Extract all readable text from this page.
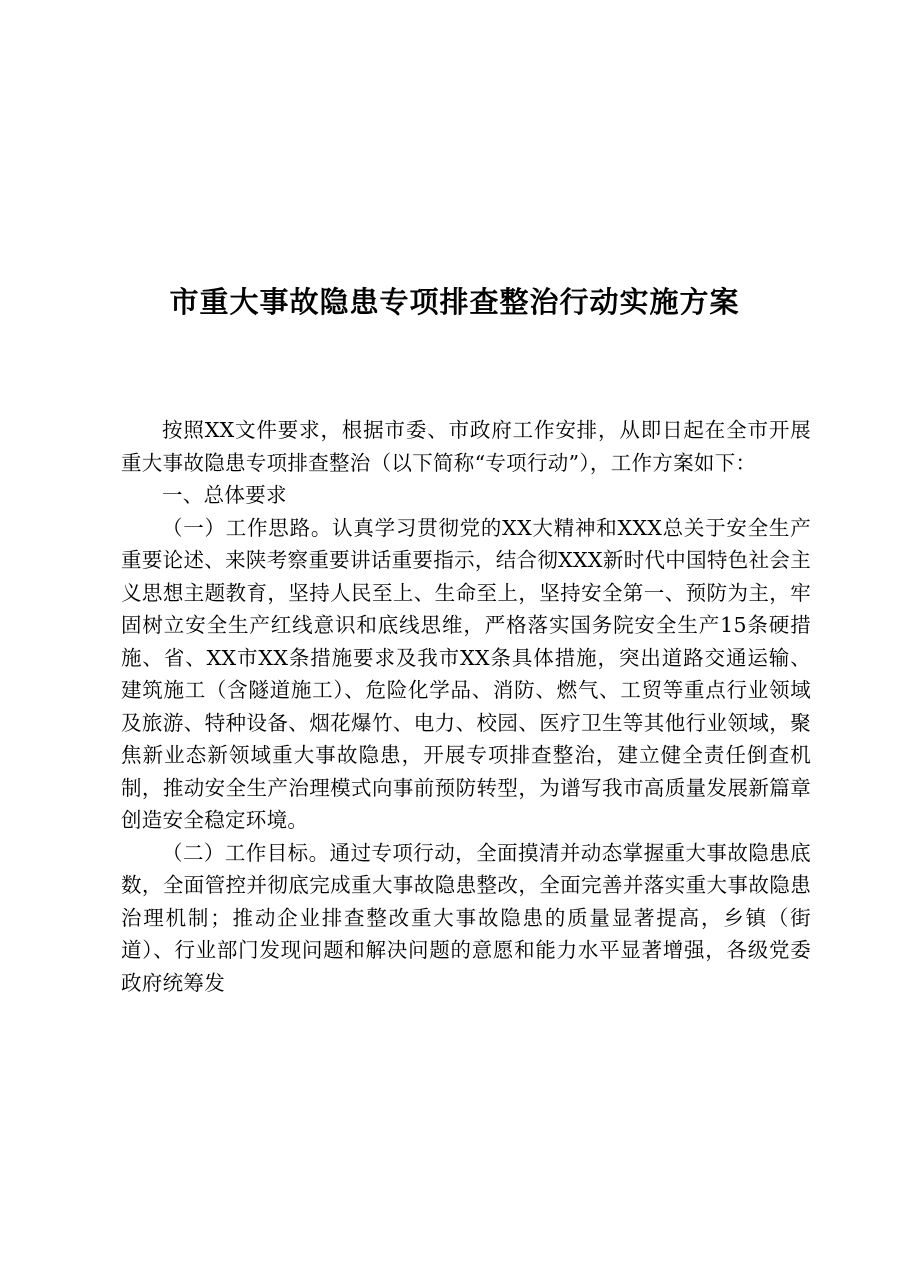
市重大事故隐患专项排查整治行动实施方案

按照XX文件要求，根据市委、市政府工作安排，从即日起在全市开展重大事故隐患专项排查整治（以下简称“专项行动”），工作方案如下：

一、总体要求

（一）工作思路。认真学习贯彻党的XX大精神和XXX总关于安全生产重要论述、来陕考察重要讲话重要指示，结合彻XXX新时代中国特色社会主义思想主题教育，坚持人民至上、生命至上，坚持安全第一、预防为主，牢固树立安全生产红线意识和底线思维，严格落实国务院安全生产15条硬措施、省、XX市XX条措施要求及我市XX条具体措施，突出道路交通运输、建筑施工（含隧道施工）、危险化学品、消防、燃气、工贸等重点行业领域及旅游、特种设备、烟花爆竹、电力、校园、医疗卫生等其他行业领域，聚焦新业态新领域重大事故隐患，开展专项排查整治，建立健全责任倒查机制，推动安全生产治理模式向事前预防转型，为谱写我市高质量发展新篇章创造安全稳定环境。

（二）工作目标。通过专项行动，全面摸清并动态掌握重大事故隐患底数，全面管控并彻底完成重大事故隐患整改，全面完善并落实重大事故隐患治理机制；推动企业排查整改重大事故隐患的质量显著提高，乡镇（街道）、行业部门发现问题和解决问题的意愿和能力水平显著增强，各级党委政府统筹发
